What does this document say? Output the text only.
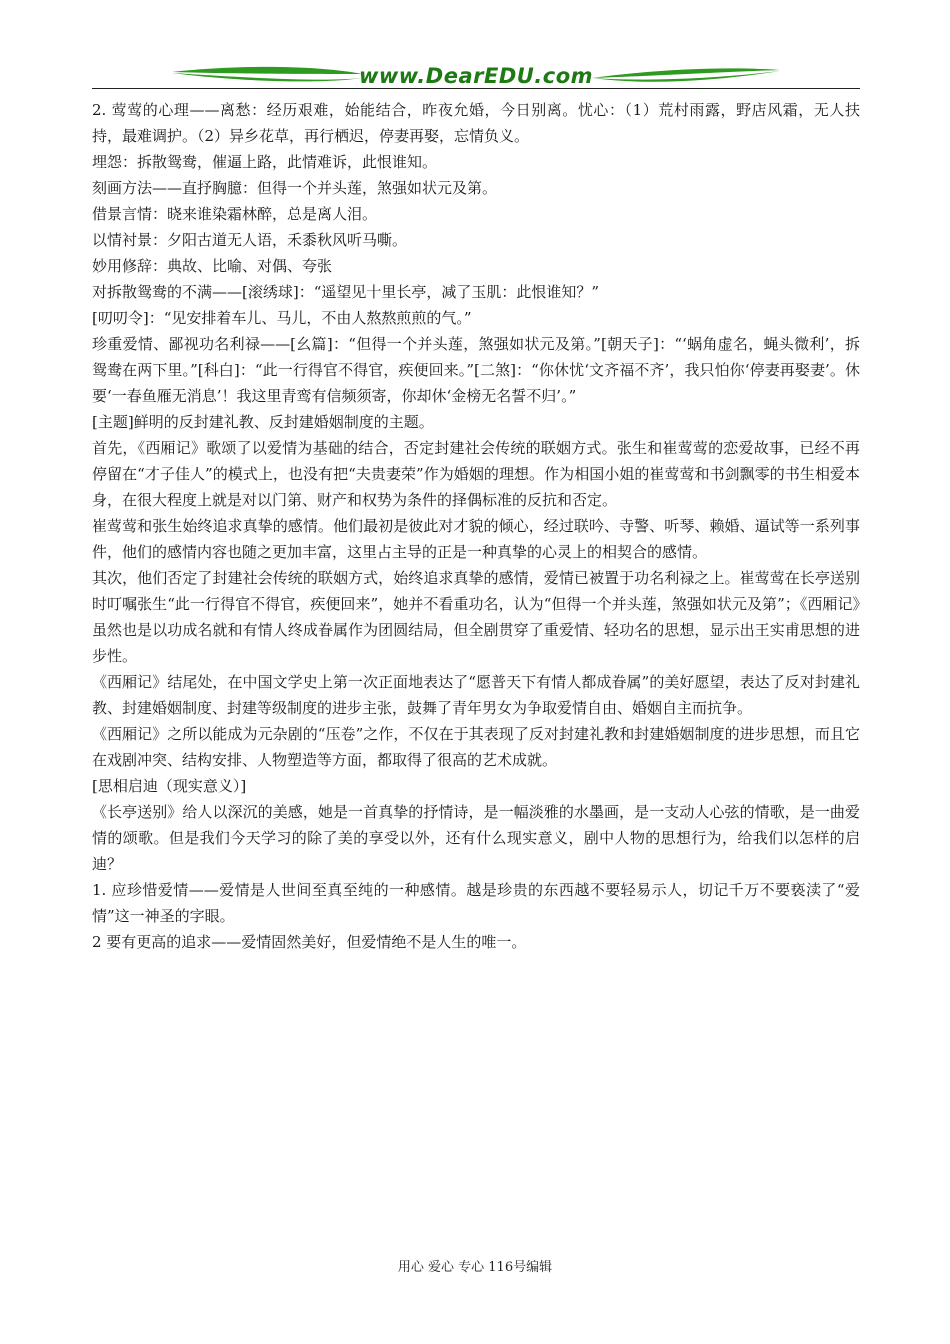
www.DearEDU.com

2. 莺莺的心理——离愁：经历艰难，始能结合，昨夜允婚，今日别离。忧心：（1）荒村雨露，野店风霜，无人扶持，最难调护。（2）异乡花草，再行栖迟，停妻再娶，忘情负义。

埋怨：拆散鸳鸯，催逼上路，此情难诉，此恨谁知。

刻画方法——直抒胸臆：但得一个并头莲，煞强如状元及第。

借景言情：晓来谁染霜林醉，总是离人泪。

以情衬景：夕阳古道无人语，禾黍秋风听马嘶。

妙用修辞：典故、比喻、对偶、夸张

对拆散鸳鸯的不满——[滚绣球]：“遥望见十里长亭，减了玉肌：此恨谁知？”

[叨叨令]：“见安排着车儿、马儿，不由人熬熬煎煎的气。”

珍重爱情、鄙视功名利禄——[幺篇]：“但得一个并头莲，煞强如状元及第。”[朝天子]：“‘蜗角虚名，蝇头微利’，拆鸳鸯在两下里。”[科白]：“此一行得官不得官，疾便回来。”[二煞]：“你休忧‘文齐福不齐’，我只怕你‘停妻再娶妻’。休要‘一春鱼雁无消息’！我这里青鸾有信频须寄，你却休‘金榜无名誓不归’。”

[主题]鲜明的反封建礼教、反封建婚姻制度的主题。

首先，《西厢记》歌颂了以爱情为基础的结合，否定封建社会传统的联姻方式。张生和崔莺莺的恋爱故事，已经不再停留在“才子佳人”的模式上，也没有把“夫贵妻荣”作为婚姻的理想。作为相国小姐的崔莺莺和书剑飘零的书生相爱本身，在很大程度上就是对以门第、财产和权势为条件的择偶标准的反抗和否定。

崔莺莺和张生始终追求真挚的感情。他们最初是彼此对才貌的倾心，经过联吟、寺警、听琴、赖婚、逼试等一系列事件，他们的感情内容也随之更加丰富，这里占主导的正是一种真挚的心灵上的相契合的感情。

其次，他们否定了封建社会传统的联姻方式，始终追求真挚的感情，爱情已被置于功名利禄之上。崔莺莺在长亭送别时叮嘱张生“此一行得官不得官，疾便回来”，她并不看重功名，认为“但得一个并头莲，煞强如状元及第”；《西厢记》虽然也是以功成名就和有情人终成眷属作为团圆结局，但全剧贯穿了重爱情、轻功名的思想，显示出王实甫思想的进步性。

《西厢记》结尾处，在中国文学史上第一次正面地表达了“愿普天下有情人都成眷属”的美好愿望，表达了反对封建礼教、封建婚姻制度、封建等级制度的进步主张，鼓舞了青年男女为争取爱情自由、婚姻自主而抗争。

《西厢记》之所以能成为元杂剧的“压卷”之作，不仅在于其表现了反对封建礼教和封建婚姻制度的进步思想，而且它在戏剧冲突、结构安排、人物塑造等方面，都取得了很高的艺术成就。

[思相启迪（现实意义）]

《长亭送别》给人以深沉的美感，她是一首真挚的抒情诗，是一幅淡雅的水墨画，是一支动人心弦的情歌，是一曲爱情的颂歌。但是我们今天学习的除了美的享受以外，还有什么现实意义，剧中人物的思想行为，给我们以怎样的启迪？

1. 应珍惜爱情——爱情是人世间至真至纯的一种感情。越是珍贵的东西越不要轻易示人，切记千万不要亵渎了“爱情”这一神圣的字眼。

2 要有更高的追求——爱情固然美好，但爱情绝不是人生的唯一。

用心 爱心 专心 116号编辑
